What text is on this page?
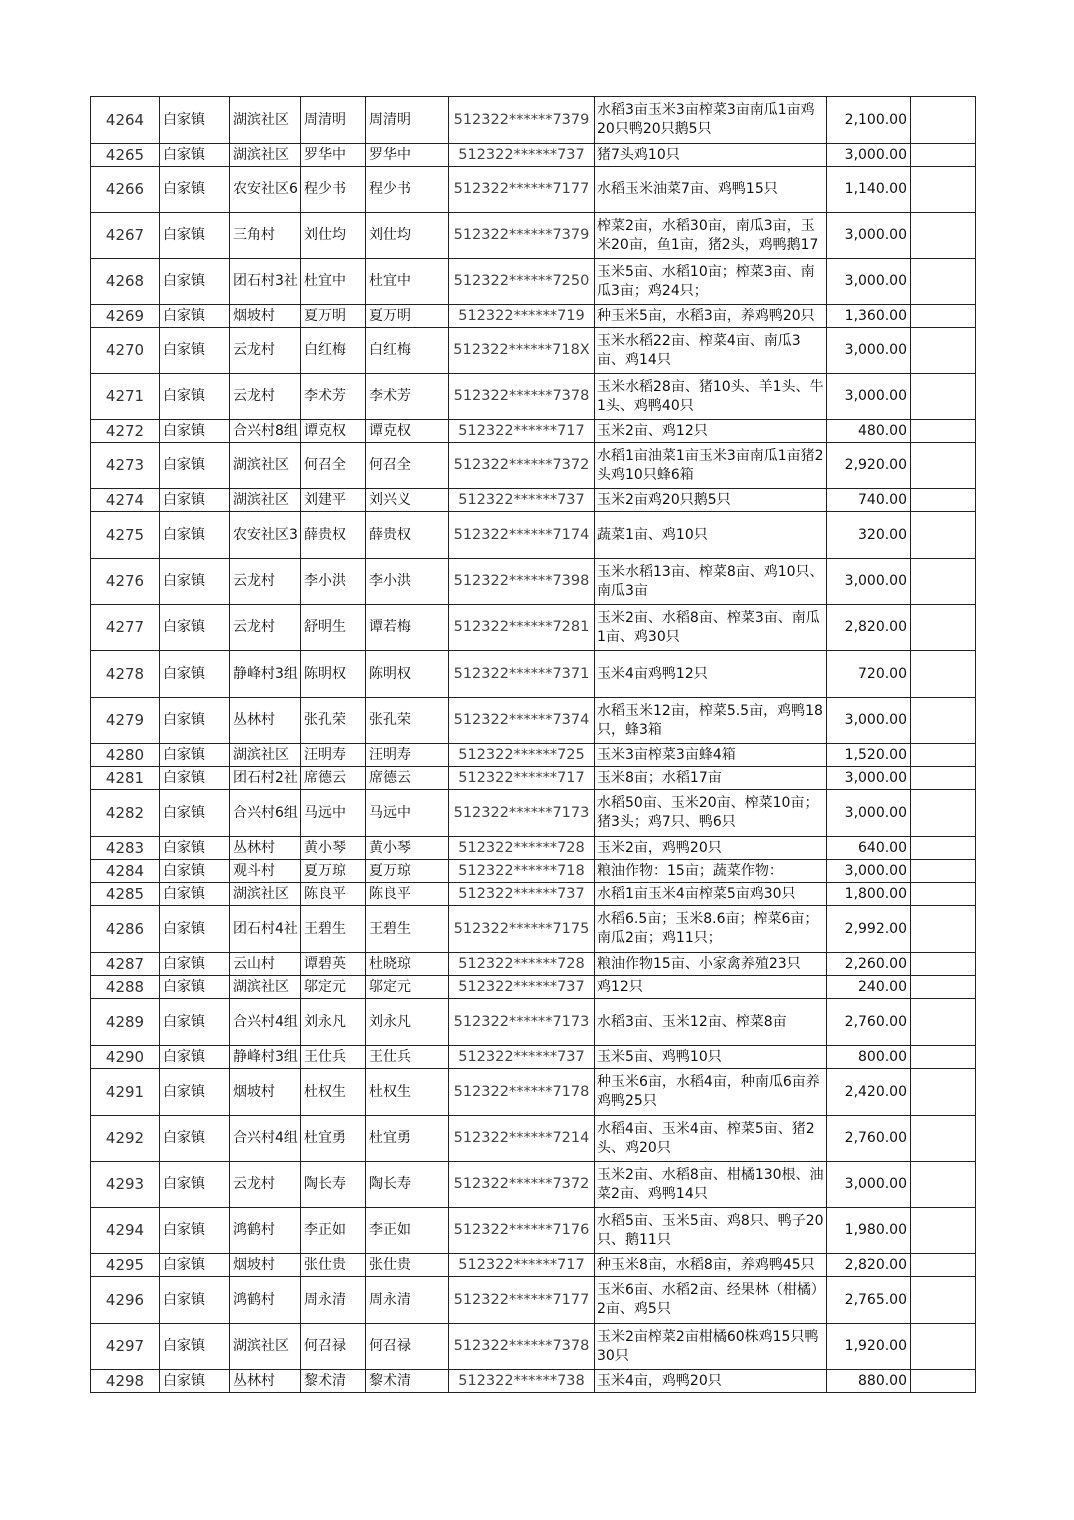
4264	白家镇	湖滨社区	周清明	周清明	512322******7379	水稻3亩玉米3亩榨菜3亩南瓜1亩鸡20只鸭20只鹅5只	2,100.00	
4265	白家镇	湖滨社区	罗华中	罗华中	512322******737	猪7头鸡10只	3,000.00	
4266	白家镇	农安社区6	程少书	程少书	512322******7177	水稻玉米油菜7亩、鸡鸭15只	1,140.00	
4267	白家镇	三角村	刘仕均	刘仕均	512322******7379	榨菜2亩，水稻30亩，南瓜3亩，玉米20亩，鱼1亩，猪2头，鸡鸭鹅17	3,000.00	
4268	白家镇	团石村3社	杜宜中	杜宜中	512322******7250	玉米5亩、水稻10亩；榨菜3亩、南瓜3亩；鸡24只；	3,000.00	
4269	白家镇	烟坡村	夏万明	夏万明	512322******719	种玉米5亩，水稻3亩，养鸡鸭20只	1,360.00	
4270	白家镇	云龙村	白红梅	白红梅	512322******718X	玉米水稻22亩、榨菜4亩、南瓜3亩、鸡14只	3,000.00	
4271	白家镇	云龙村	李术芳	李术芳	512322******7378	玉米水稻28亩、猪10头、羊1头、牛1头、鸡鸭40只	3,000.00	
4272	白家镇	合兴村8组	谭克权	谭克权	512322******717	玉米2亩、鸡12只	480.00	
4273	白家镇	湖滨社区	何召全	何召全	512322******7372	水稻1亩油菜1亩玉米3亩南瓜1亩猪2头鸡10只蜂6箱	2,920.00	
4274	白家镇	湖滨社区	刘建平	刘兴义	512322******737	玉米2亩鸡20只鹅5只	740.00	
4275	白家镇	农安社区3	薛贵权	薛贵权	512322******7174	蔬菜1亩、鸡10只	320.00	
4276	白家镇	云龙村	李小洪	李小洪	512322******7398	玉米水稻13亩、榨菜8亩、鸡10只、南瓜3亩	3,000.00	
4277	白家镇	云龙村	舒明生	谭若梅	512322******7281	玉米2亩、水稻8亩、榨菜3亩、南瓜1亩、鸡30只	2,820.00	
4278	白家镇	静峰村3组	陈明权	陈明权	512322******7371	玉米4亩鸡鸭12只	720.00	
4279	白家镇	丛林村	张孔荣	张孔荣	512322******7374	水稻玉米12亩，榨菜5.5亩，鸡鸭18只，蜂3箱	3,000.00	
4280	白家镇	湖滨社区	汪明寿	汪明寿	512322******725	玉米3亩榨菜3亩蜂4箱	1,520.00	
4281	白家镇	团石村2社	席德云	席德云	512322******717	玉米8亩；水稻17亩	3,000.00	
4282	白家镇	合兴村6组	马远中	马远中	512322******7173	水稻50亩、玉米20亩、榨菜10亩；猪3头；鸡7只、鸭6只	3,000.00	
4283	白家镇	丛林村	黄小琴	黄小琴	512322******728	玉米2亩，鸡鸭20只	640.00	
4284	白家镇	观斗村	夏万琼	夏万琼	512322******718	粮油作物：15亩；蔬菜作物：	3,000.00	
4285	白家镇	湖滨社区	陈良平	陈良平	512322******737	水稻1亩玉米4亩榨菜5亩鸡30只	1,800.00	
4286	白家镇	团石村4社	王碧生	王碧生	512322******7175	水稻6.5亩；玉米8.6亩；榨菜6亩；南瓜2亩；鸡11只；	2,992.00	
4287	白家镇	云山村	谭碧英	杜晓琼	512322******728	粮油作物15亩、小家禽养殖23只	2,260.00	
4288	白家镇	湖滨社区	邬定元	邬定元	512322******737	鸡12只	240.00	
4289	白家镇	合兴村4组	刘永凡	刘永凡	512322******7173	水稻3亩、玉米12亩、榨菜8亩	2,760.00	
4290	白家镇	静峰村3组	王仕兵	王仕兵	512322******737	玉米5亩、鸡鸭10只	800.00	
4291	白家镇	烟坡村	杜权生	杜权生	512322******7178	种玉米6亩，水稻4亩，种南瓜6亩养鸡鸭25只	2,420.00	
4292	白家镇	合兴村4组	杜宜勇	杜宜勇	512322******7214	水稻4亩、玉米4亩、榨菜5亩、猪2头、鸡20只	2,760.00	
4293	白家镇	云龙村	陶长寿	陶长寿	512322******7372	玉米2亩、水稻8亩、柑橘130根、油菜2亩、鸡鸭14只	3,000.00	
4294	白家镇	鸿鹤村	李正如	李正如	512322******7176	水稻5亩、玉米5亩、鸡8只、鸭子20只、鹅11只	1,980.00	
4295	白家镇	烟坡村	张仕贵	张仕贵	512322******717	种玉米8亩，水稻8亩，养鸡鸭45只	2,820.00	
4296	白家镇	鸿鹤村	周永清	周永清	512322******7177	玉米6亩、水稻2亩、经果林（柑橘）2亩、鸡5只	2,765.00	
4297	白家镇	湖滨社区	何召禄	何召禄	512322******7378	玉米2亩榨菜2亩柑橘60株鸡15只鸭30只	1,920.00	
4298	白家镇	丛林村	黎术清	黎术清	512322******738	玉米4亩，鸡鸭20只	880.00	
